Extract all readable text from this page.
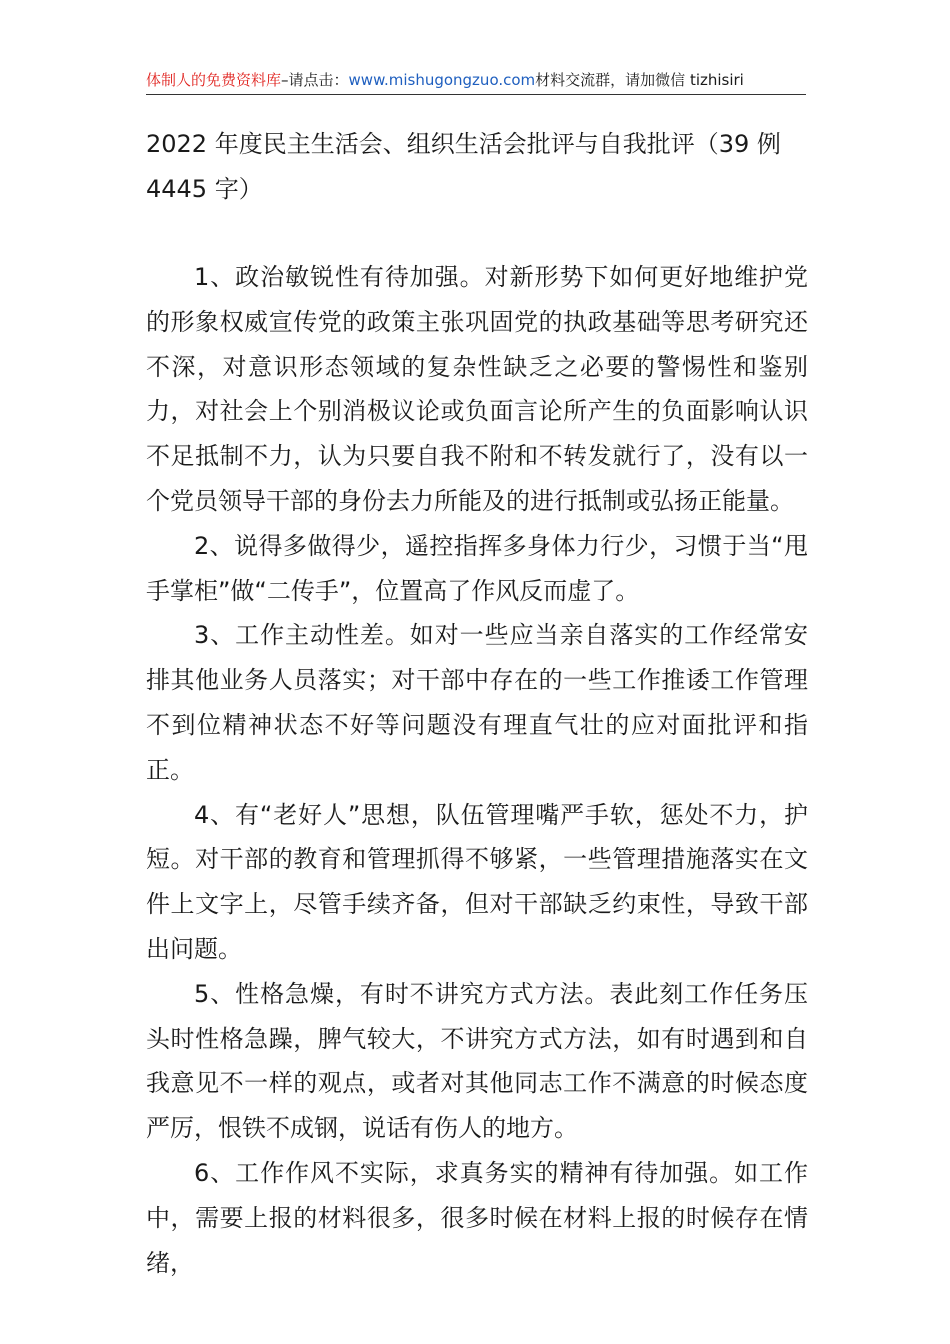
体制人的免费资料库–请点击：www.mishugongzuo.com材料交流群，请加微信 tizhisiri
2022 年度民主生活会、组织生活会批评与自我批评（39 例 4445 字）

1、政治敏锐性有待加强。对新形势下如何更好地维护党的形象权威宣传党的政策主张巩固党的执政基础等思考研究还不深，对意识形态领域的复杂性缺乏之必要的警惕性和鉴别力，对社会上个别消极议论或负面言论所产生的负面影响认识不足抵制不力，认为只要自我不附和不转发就行了，没有以一个党员领导干部的身份去力所能及的进行抵制或弘扬正能量。

2、说得多做得少，遥控指挥多身体力行少，习惯于当“甩手掌柜”做“二传手”，位置高了作风反而虚了。

3、工作主动性差。如对一些应当亲自落实的工作经常安排其他业务人员落实；对干部中存在的一些工作推诿工作管理不到位精神状态不好等问题没有理直气壮的应对面批评和指正。

4、有“老好人”思想，队伍管理嘴严手软，惩处不力，护短。对干部的教育和管理抓得不够紧，一些管理措施落实在文件上文字上，尽管手续齐备，但对干部缺乏约束性，导致干部出问题。

5、性格急燥，有时不讲究方式方法。表此刻工作任务压头时性格急躁，脾气较大，不讲究方式方法，如有时遇到和自我意见不一样的观点，或者对其他同志工作不满意的时候态度严厉，恨铁不成钢，说话有伤人的地方。

6、工作作风不实际，求真务实的精神有待加强。如工作中，需要上报的材料很多，很多时候在材料上报的时候存在情绪，
